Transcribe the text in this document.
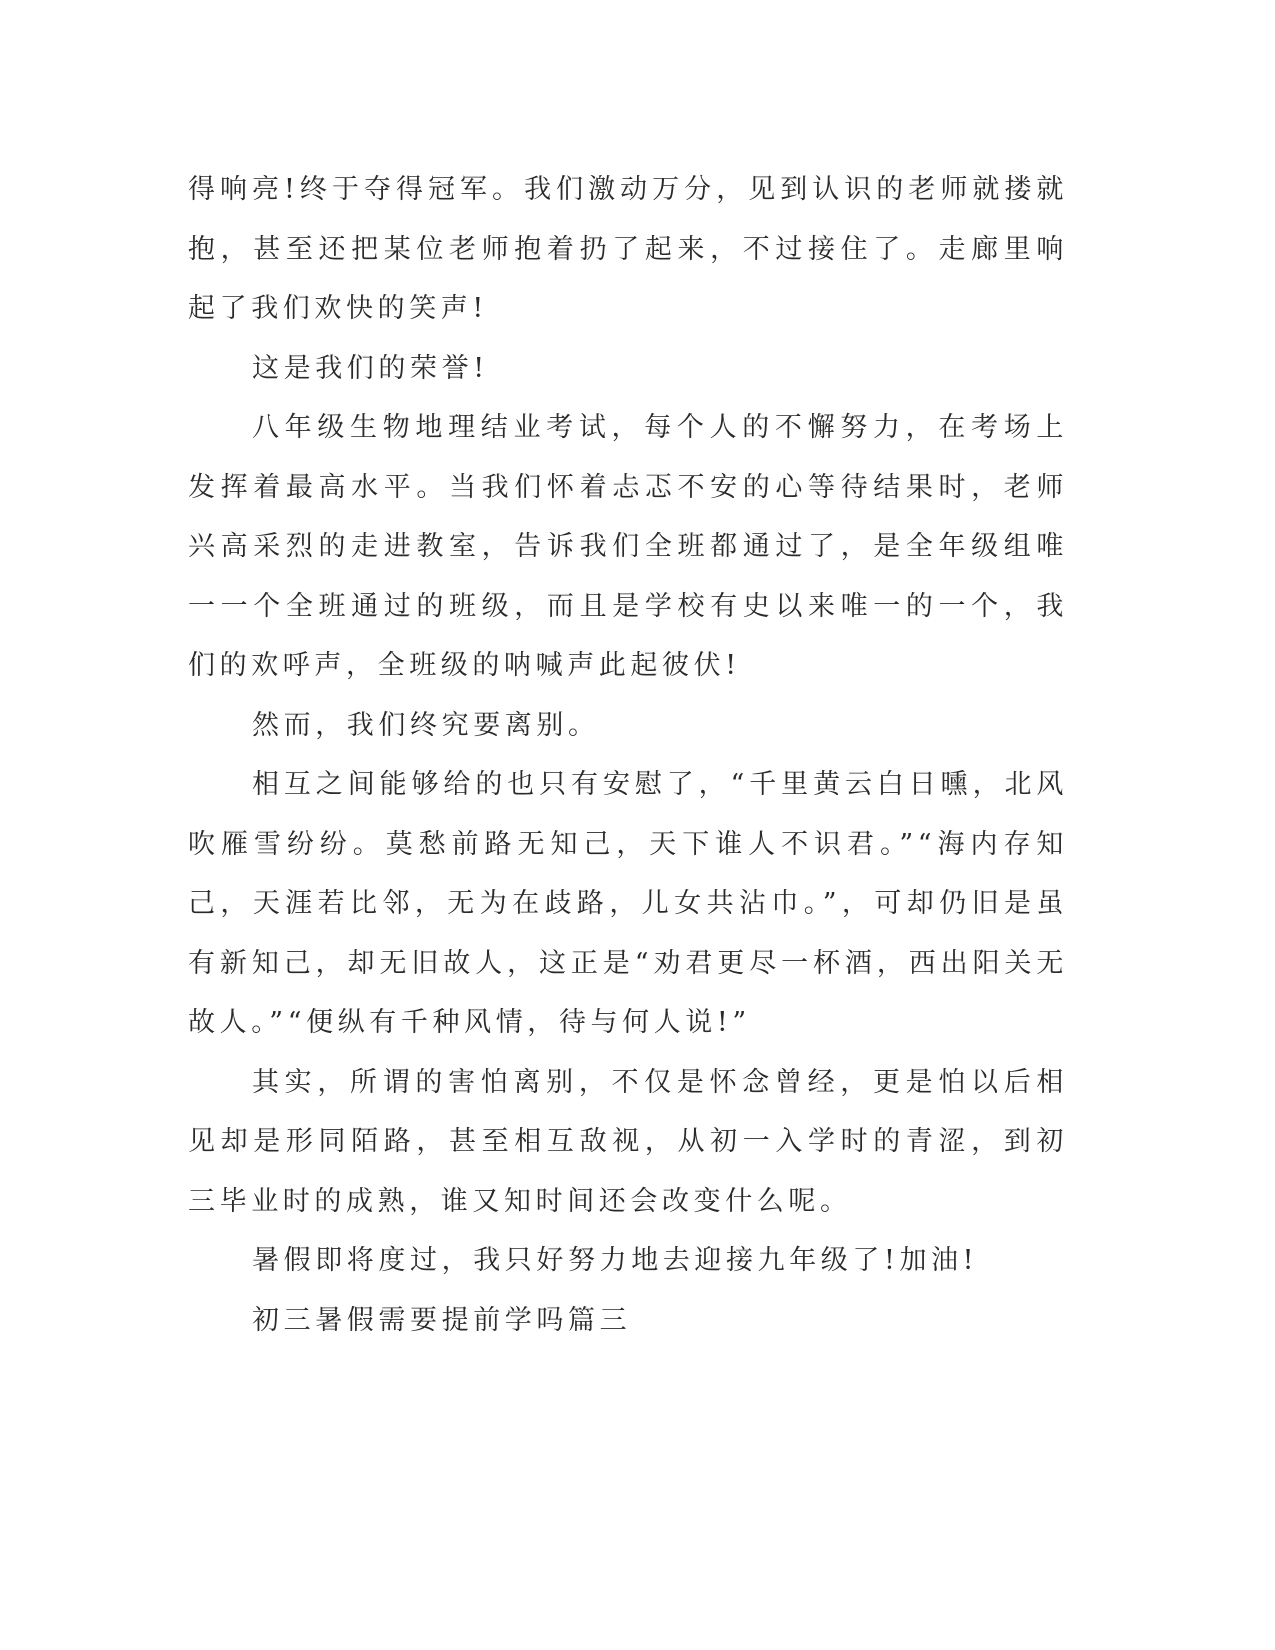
得响亮!终于夺得冠军。我们激动万分，见到认识的老师就搂就抱，甚至还把某位老师抱着扔了起来，不过接住了。走廊里响起了我们欢快的笑声!

这是我们的荣誉!

八年级生物地理结业考试，每个人的不懈努力，在考场上发挥着最高水平。当我们怀着忐忑不安的心等待结果时，老师兴高采烈的走进教室，告诉我们全班都通过了，是全年级组唯一一个全班通过的班级，而且是学校有史以来唯一的一个，我们的欢呼声，全班级的呐喊声此起彼伏!

然而，我们终究要离别。

相互之间能够给的也只有安慰了，“千里黄云白日曛，北风吹雁雪纷纷。莫愁前路无知己，天下谁人不识君。”“海内存知己，天涯若比邻，无为在歧路，儿女共沾巾。”，可却仍旧是虽有新知己，却无旧故人，这正是“劝君更尽一杯酒，西出阳关无故人。”“便纵有千种风情，待与何人说!”

其实，所谓的害怕离别，不仅是怀念曾经，更是怕以后相见却是形同陌路，甚至相互敌视，从初一入学时的青涩，到初三毕业时的成熟，谁又知时间还会改变什么呢。

暑假即将度过，我只好努力地去迎接九年级了!加油!

初三暑假需要提前学吗篇三
